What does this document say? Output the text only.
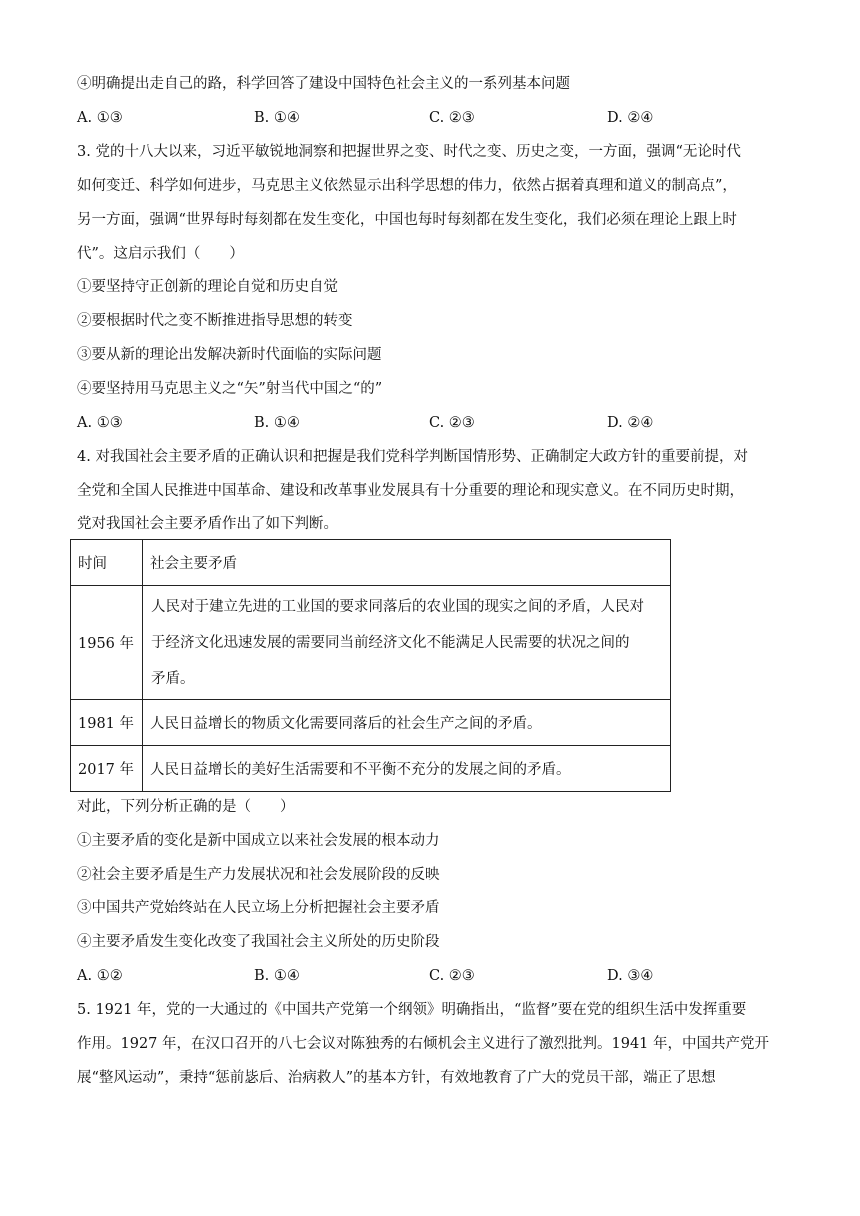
④明确提出走自己的路，科学回答了建设中国特色社会主义的一系列基本问题
A. ①③	B. ①④	C. ②③	D. ②④
3. 党的十八大以来，习近平敏锐地洞察和把握世界之变、时代之变、历史之变，一方面，强调“无论时代
如何变迁、科学如何进步，马克思主义依然显示出科学思想的伟力，依然占据着真理和道义的制高点”，
另一方面，强调“世界每时每刻都在发生变化，中国也每时每刻都在发生变化，我们必须在理论上跟上时
代”。这启示我们（　　）
①要坚持守正创新的理论自觉和历史自觉
②要根据时代之变不断推进指导思想的转变
③要从新的理论出发解决新时代面临的实际问题
④要坚持用马克思主义之“矢”射当代中国之“的”
A. ①③	B. ①④	C. ②③	D. ②④
4. 对我国社会主要矛盾的正确认识和把握是我们党科学判断国情形势、正确制定大政方针的重要前提，对
全党和全国人民推进中国革命、建设和改革事业发展具有十分重要的理论和现实意义。在不同历史时期，
党对我国社会主要矛盾作出了如下判断。
时间	社会主要矛盾
1956 年	人民对于建立先进的工业国的要求同落后的农业国的现实之间的矛盾，人民对
于经济文化迅速发展的需要同当前经济文化不能满足人民需要的状况之间的
矛盾。

1981 年	人民日益增长的物质文化需要同落后的社会生产之间的矛盾。
2017 年	人民日益增长的美好生活需要和不平衡不充分的发展之间的矛盾。
对此，下列分析正确的是（　　）
①主要矛盾的变化是新中国成立以来社会发展的根本动力
②社会主要矛盾是生产力发展状况和社会发展阶段的反映
③中国共产党始终站在人民立场上分析把握社会主要矛盾
④主要矛盾发生变化改变了我国社会主义所处的历史阶段
A. ①②	B. ①④	C. ②③	D. ③④
5. 1921 年，党的一大通过的《中国共产党第一个纲领》明确指出，“监督”要在党的组织生活中发挥重要
作用。1927 年，在汉口召开的八七会议对陈独秀的右倾机会主义进行了激烈批判。1941 年，中国共产党开
展“整风运动”，秉持“惩前毖后、治病救人”的基本方针，有效地教育了广大的党员干部，端正了思想
